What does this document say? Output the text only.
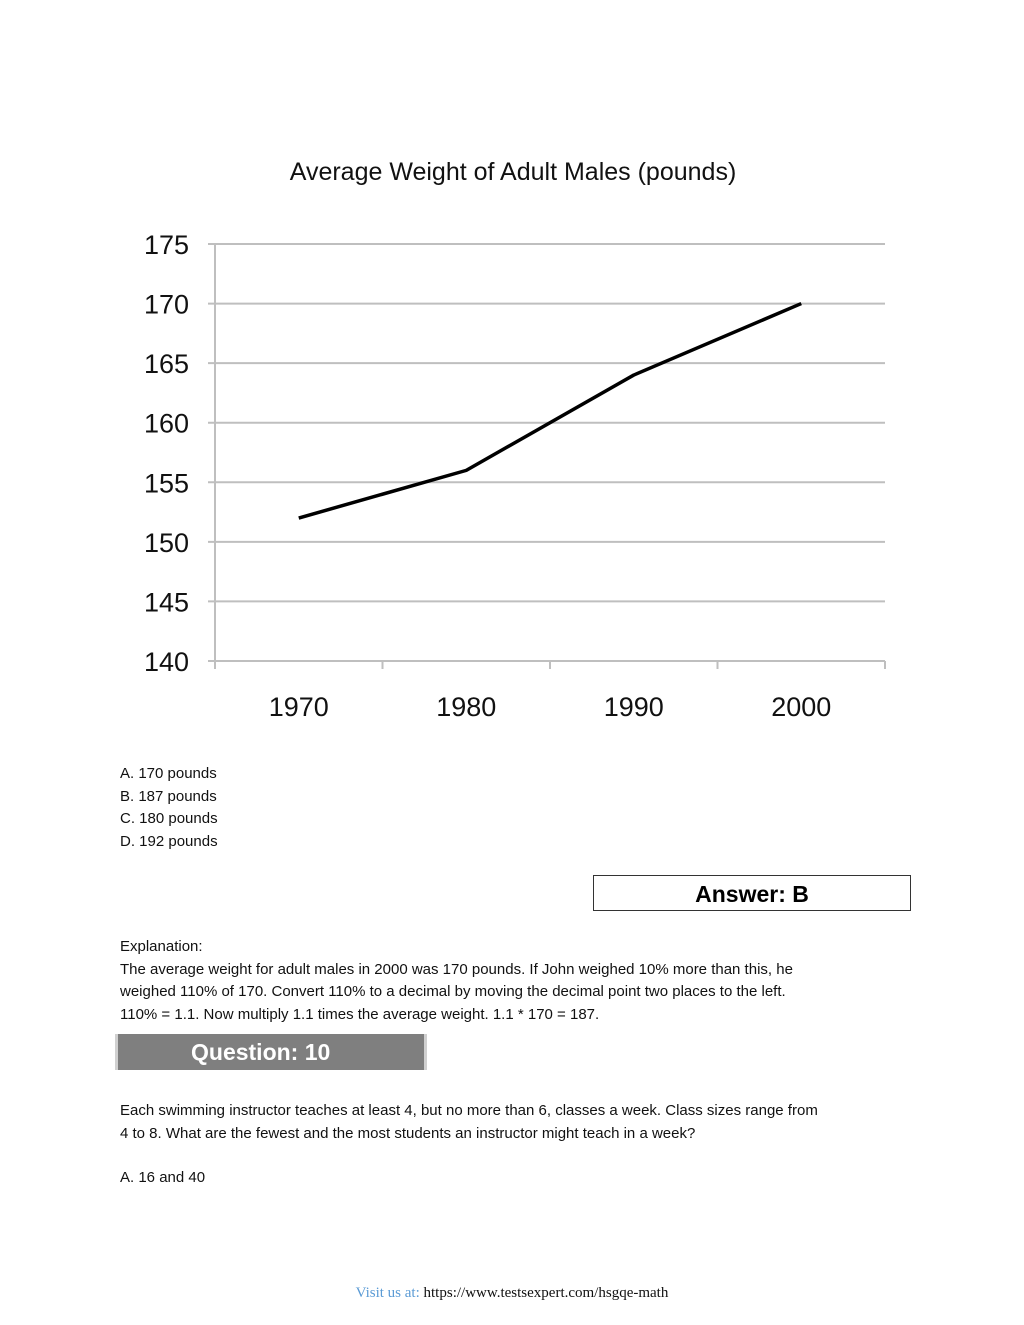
Average Weight of Adult Males (pounds)
140
145
150
155
160
165
170
175
1970	1980	1990	2000
A. 170 pounds
B. 187 pounds
C. 180 pounds
D. 192 pounds
Answer: B
Explanation:
The average weight for adult males in 2000 was 170 pounds. If John weighed 10% more than this, he
weighed 110% of 170. Convert 110% to a decimal by moving the decimal point two places to the left.
110% = 1.1. Now multiply 1.1 times the average weight. 1.1 * 170 = 187.
Question: 10
Each swimming instructor teaches at least 4, but no more than 6, classes a week. Class sizes range from
4 to 8. What are the fewest and the most students an instructor might teach in a week?
A. 16 and 40
Visit us at: https://www.testsexpert.com/hsgqe-math
